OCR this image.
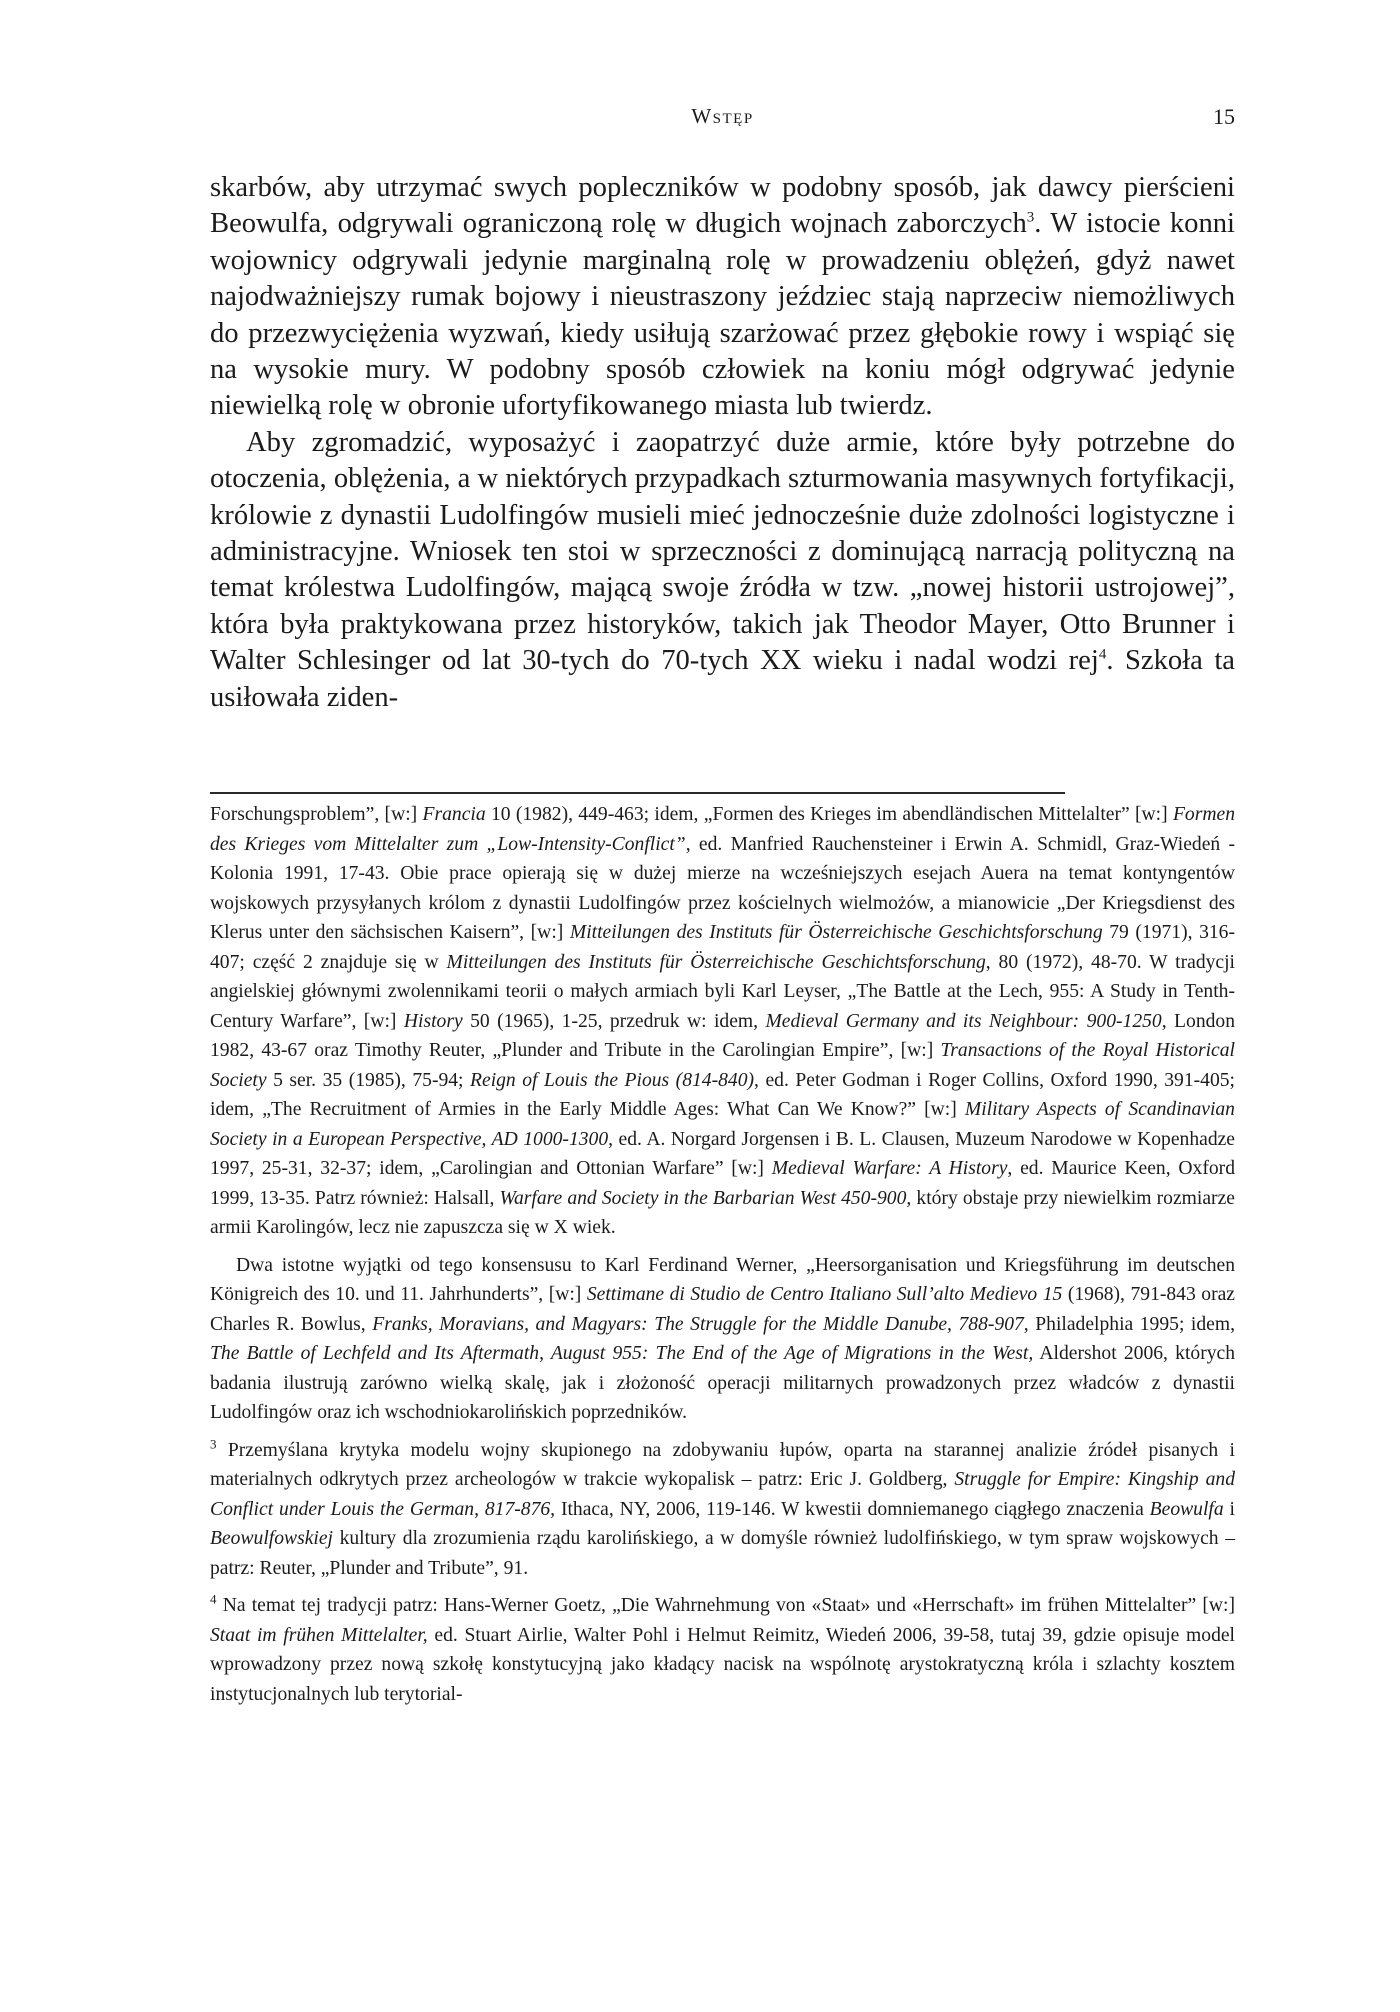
Wstęp	15

skarbów, aby utrzymać swych popleczników w podobny sposób, jak dawcy pierścieni Beowulfa, odgrywali ograniczoną rolę w długich wojnach zaborczych$^3$. W istocie konni wojownicy odgrywali jedynie marginalną rolę w prowadzeniu oblężeń, gdyż nawet najodważniejszy rumak bojowy i nieustraszony jeździec stają naprzeciw niemożliwych do przezwyciężenia wyzwań, kiedy usiłują szarżować przez głębokie rowy i wspiąć się na wysokie mury. W podobny sposób człowiek na koniu mógł odgrywać jedynie niewielką rolę w obronie ufortyfikowanego miasta lub twierdz.

Aby zgromadzić, wyposażyć i zaopatrzyć duże armie, które były potrzebne do otoczenia, oblężenia, a w niektórych przypadkach szturmowania masywnych fortyfikacji, królowie z dynastii Ludolfingów musieli mieć jednocześnie duże zdolności logistyczne i administracyjne. Wniosek ten stoi w sprzeczności z dominującą narracją polityczną na temat królestwa Ludolfingów, mającą swoje źródła w tzw. „nowej historii ustrojowej”, która była praktykowana przez historyków, takich jak Theodor Mayer, Otto Brunner i Walter Schlesinger od lat 30-tych do 70-tych XX wieku i nadal wodzi rej$^4$. Szkoła ta usiłowała ziden-

Forschungsproblem”, [w:] Francia 10 (1982), 449-463; idem, „Formen des Krieges im abendländischen Mittelalter” [w:] Formen des Krieges vom Mittelalter zum „Low-Intensity-Conflict”, ed. Manfried Rauchensteiner i Erwin A. Schmidl, Graz-Wiedeń -Kolonia 1991, 17-43. Obie prace opierają się w dużej mierze na wcześniejszych esejach Auera na temat kontyngentów wojskowych przysyłanych królom z dynastii Ludolfingów przez kościelnych wielmożów, a mianowicie „Der Kriegsdienst des Klerus unter den sächsischen Kaisern”, [w:] Mitteilungen des Instituts für Österreichische Geschichtsforschung 79 (1971), 316-407; część 2 znajduje się w Mitteilungen des Instituts für Österreichische Geschichtsforschung, 80 (1972), 48-70. W tradycji angielskiej głównymi zwolennikami teorii o małych armiach byli Karl Leyser, „The Battle at the Lech, 955: A Study in Tenth-Century Warfare”, [w:] History 50 (1965), 1-25, przedruk w: idem, Medieval Germany and its Neighbour: 900-1250, London 1982, 43-67 oraz Timothy Reuter, „Plunder and Tribute in the Carolingian Empire”, [w:] Transactions of the Royal Historical Society 5 ser. 35 (1985), 75-94; Reign of Louis the Pious (814-840), ed. Peter Godman i Roger Collins, Oxford 1990, 391-405; idem, „The Recruitment of Armies in the Early Middle Ages: What Can We Know?” [w:] Military Aspects of Scandinavian Society in a European Perspective, AD 1000-1300, ed. A. Norgard Jorgensen i B. L. Clausen, Muzeum Narodowe w Kopenhadze 1997, 25-31, 32-37; idem, „Carolingian and Ottonian Warfare” [w:] Medieval Warfare: A History, ed. Maurice Keen, Oxford 1999, 13-35. Patrz również: Halsall, Warfare and Society in the Barbarian West 450-900, który obstaje przy niewielkim rozmiarze armii Karolingów, lecz nie zapuszcza się w X wiek.

Dwa istotne wyjątki od tego konsensusu to Karl Ferdinand Werner, „Heersorganisation und Kriegsführung im deutschen Königreich des 10. und 11. Jahrhunderts”, [w:] Settimane di Studio de Centro Italiano Sull’alto Medievo 15 (1968), 791-843 oraz Charles R. Bowlus, Franks, Moravians, and Magyars: The Struggle for the Middle Danube, 788-907, Philadelphia 1995; idem, The Battle of Lechfeld and Its Aftermath, August 955: The End of the Age of Migrations in the West, Aldershot 2006, których badania ilustrują zarówno wielką skalę, jak i złożoność operacji militarnych prowadzonych przez władców z dynastii Ludolfingów oraz ich wschodniokarolińskich poprzedników.

$^3$ Przemyślana krytyka modelu wojny skupionego na zdobywaniu łupów, oparta na starannej analizie źródeł pisanych i materialnych odkrytych przez archeologów w trakcie wykopalisk – patrz: Eric J. Goldberg, Struggle for Empire: Kingship and Conflict under Louis the German, 817-876, Ithaca, NY, 2006, 119-146. W kwestii domniemanego ciągłego znaczenia Beowulfa i Beowulfowskiej kultury dla zrozumienia rządu karolińskiego, a w domyśle również ludolfińskiego, w tym spraw wojskowych – patrz: Reuter, „Plunder and Tribute”, 91.

$^4$ Na temat tej tradycji patrz: Hans-Werner Goetz, „Die Wahrnehmung von «Staat» und «Herrschaft» im frühen Mittelalter” [w:] Staat im frühen Mittelalter, ed. Stuart Airlie, Walter Pohl i Helmut Reimitz, Wiedeń 2006, 39-58, tutaj 39, gdzie opisuje model wprowadzony przez nową szkołę konstytucyjną jako kładący nacisk na wspólnotę arystokratyczną króla i szlachty kosztem instytucjonalnych lub terytorial-
